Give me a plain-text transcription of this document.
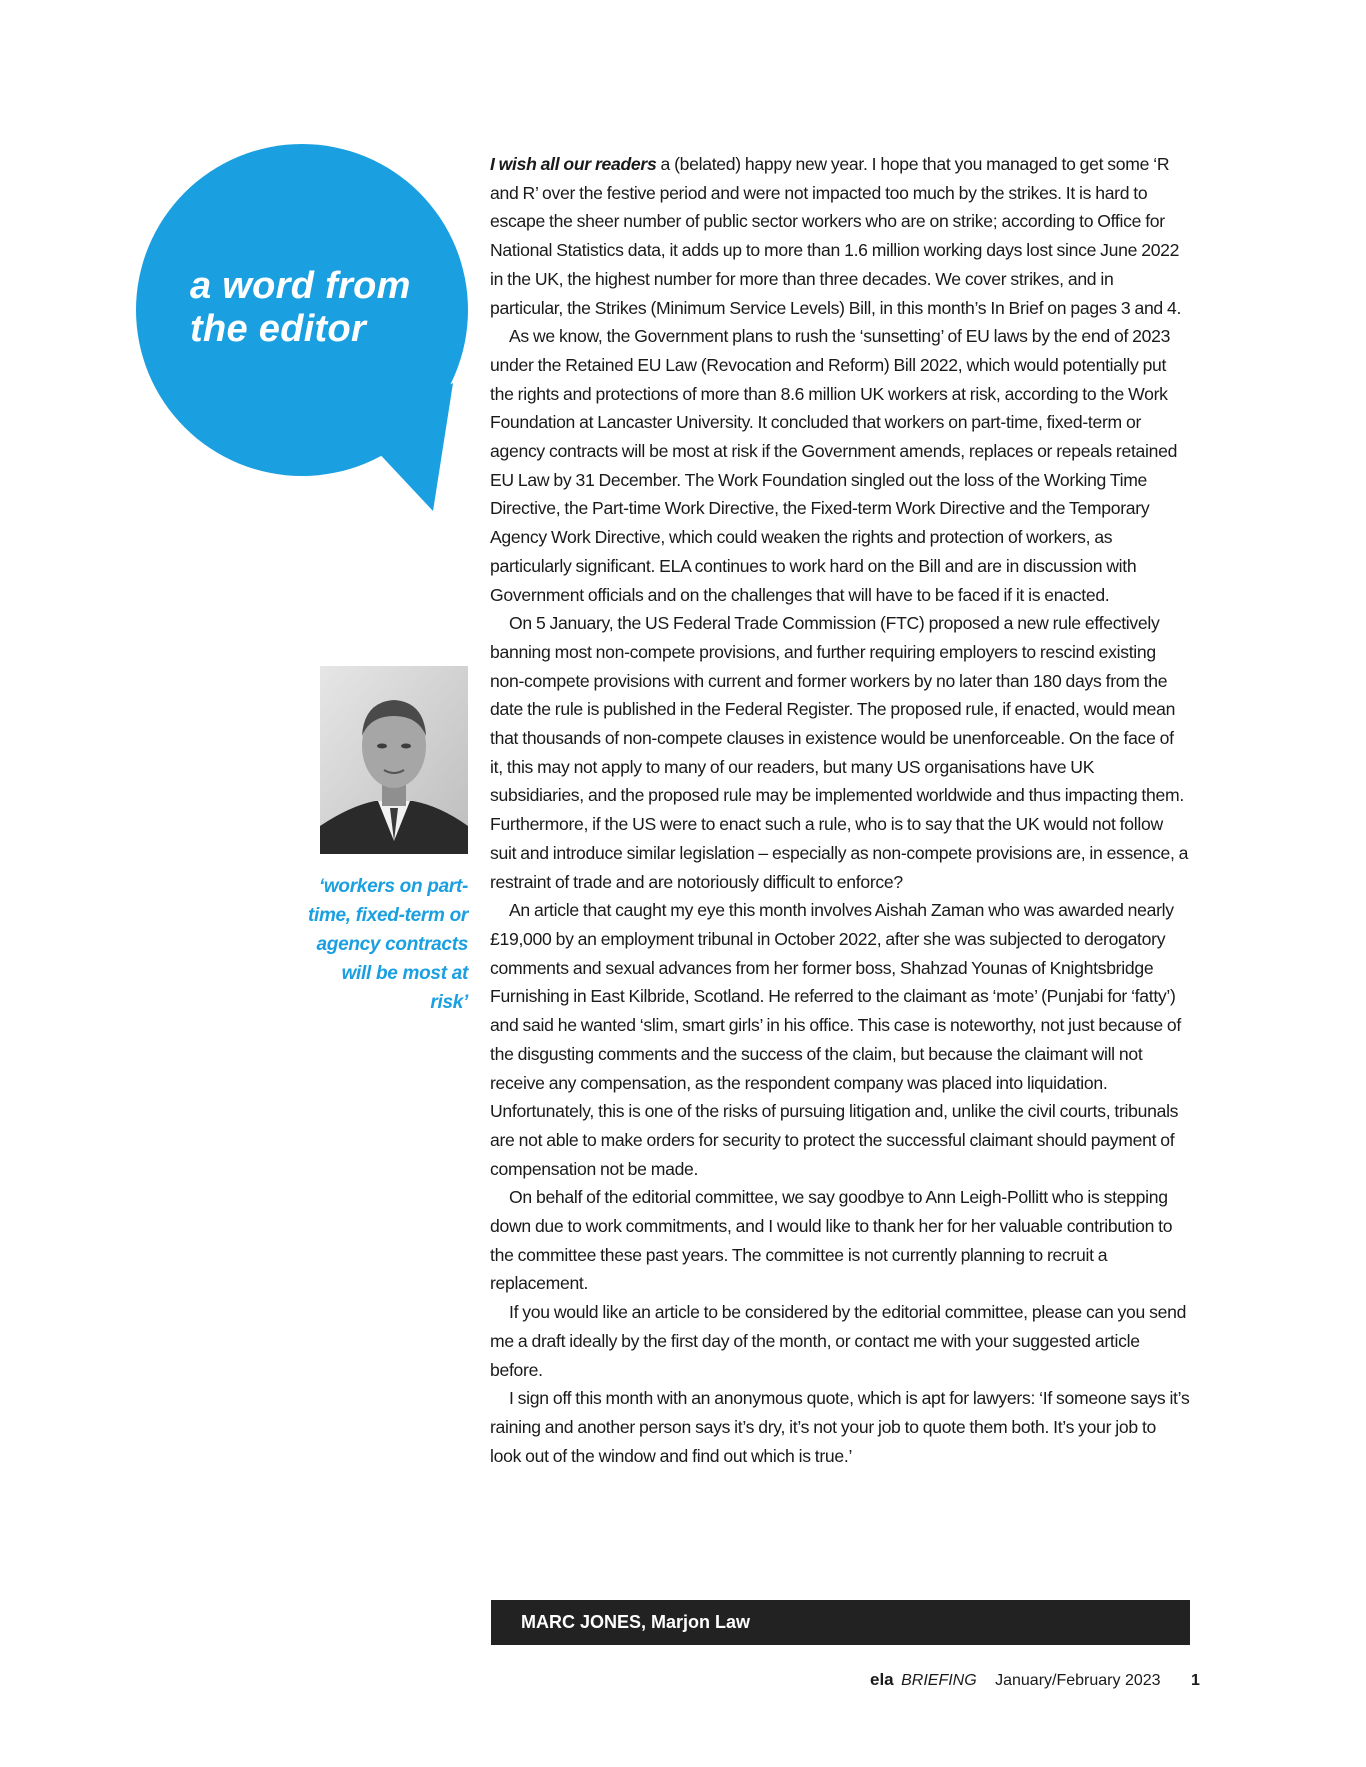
a word from the editor
‘workers on part-time, fixed-term or agency contracts will be most at risk’

I wish all our readers a (belated) happy new year. I hope that you managed to get some ‘R and R’ over the festive period and were not impacted too much by the strikes. It is hard to escape the sheer number of public sector workers who are on strike; according to Office for National Statistics data, it adds up to more than 1.6 million working days lost since June 2022 in the UK, the highest number for more than three decades. We cover strikes, and in particular, the Strikes (Minimum Service Levels) Bill, in this month’s In Brief on pages 3 and 4.

As we know, the Government plans to rush the ‘sunsetting’ of EU laws by the end of 2023 under the Retained EU Law (Revocation and Reform) Bill 2022, which would potentially put the rights and protections of more than 8.6 million UK workers at risk, according to the Work Foundation at Lancaster University. It concluded that workers on part-time, fixed-term or agency contracts will be most at risk if the Government amends, replaces or repeals retained EU Law by 31 December. The Work Foundation singled out the loss of the Working Time Directive, the Part-time Work Directive, the Fixed-term Work Directive and the Temporary Agency Work Directive, which could weaken the rights and protection of workers, as particularly significant. ELA continues to work hard on the Bill and are in discussion with Government officials and on the challenges that will have to be faced if it is enacted.

On 5 January, the US Federal Trade Commission (FTC) proposed a new rule effectively banning most non-compete provisions, and further requiring employers to rescind existing non-compete provisions with current and former workers by no later than 180 days from the date the rule is published in the Federal Register. The proposed rule, if enacted, would mean that thousands of non-compete clauses in existence would be unenforceable. On the face of it, this may not apply to many of our readers, but many US organisations have UK subsidiaries, and the proposed rule may be implemented worldwide and thus impacting them. Furthermore, if the US were to enact such a rule, who is to say that the UK would not follow suit and introduce similar legislation – especially as non-compete provisions are, in essence, a restraint of trade and are notoriously difficult to enforce?

An article that caught my eye this month involves Aishah Zaman who was awarded nearly £19,000 by an employment tribunal in October 2022, after she was subjected to derogatory comments and sexual advances from her former boss, Shahzad Younas of Knightsbridge Furnishing in East Kilbride, Scotland. He referred to the claimant as ‘mote’ (Punjabi for ‘fatty’) and said he wanted ‘slim, smart girls’ in his office. This case is noteworthy, not just because of the disgusting comments and the success of the claim, but because the claimant will not receive any compensation, as the respondent company was placed into liquidation. Unfortunately, this is one of the risks of pursuing litigation and, unlike the civil courts, tribunals are not able to make orders for security to protect the successful claimant should payment of compensation not be made.

On behalf of the editorial committee, we say goodbye to Ann Leigh-Pollitt who is stepping down due to work commitments, and I would like to thank her for her valuable contribution to the committee these past years. The committee is not currently planning to recruit a replacement.

If you would like an article to be considered by the editorial committee, please can you send me a draft ideally by the first day of the month, or contact me with your suggested article before.

I sign off this month with an anonymous quote, which is apt for lawyers: ‘If someone says it’s raining and another person says it’s dry, it’s not your job to quote them both. It’s your job to look out of the window and find out which is true.’

MARC JONES, Marjon Law
ela BRIEFING January/February 2023 1
